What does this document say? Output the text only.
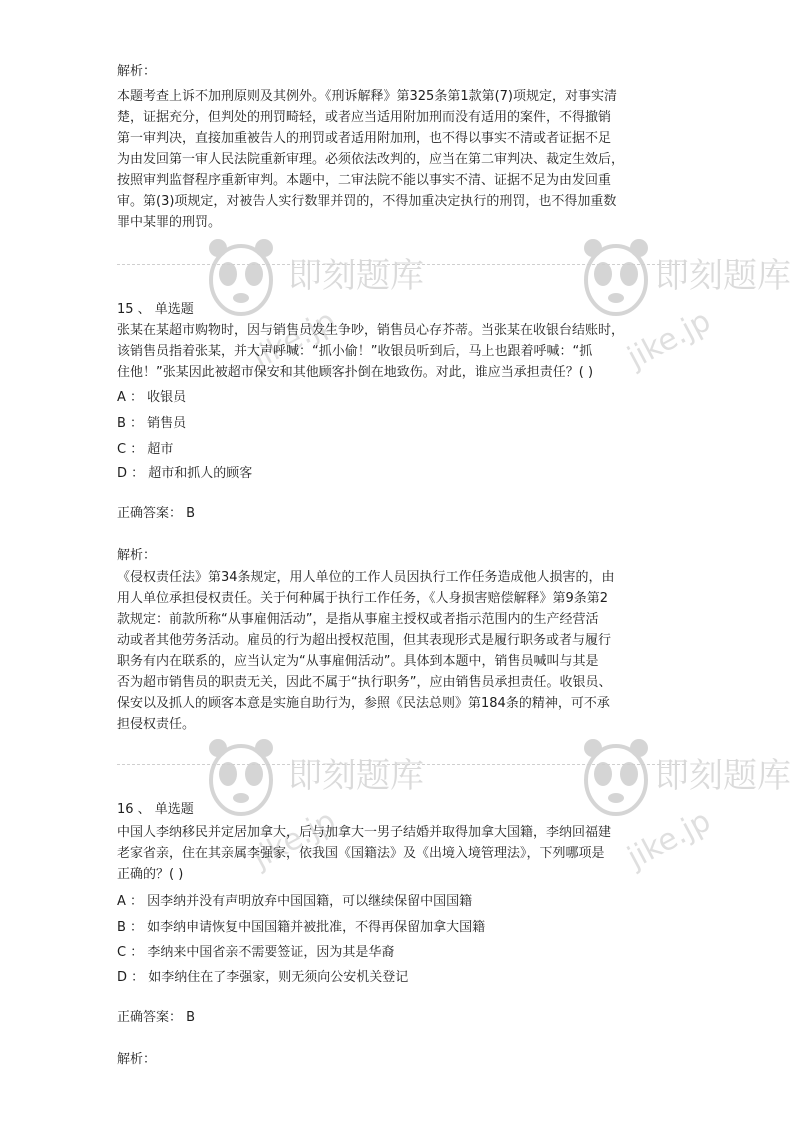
即刻题库	即刻题库
即刻题库	即刻题库
jike.jp	jike.jp
jike.jp	jike.jp
解析：
本题考查上诉不加刑原则及其例外。《刑诉解释》第325条第1款第(7)项规定，对事实清
楚，证据充分，但判处的刑罚畸轻，或者应当适用附加刑而没有适用的案件，不得撤销
第一审判决，直接加重被告人的刑罚或者适用附加刑，也不得以事实不清或者证据不足
为由发回第一审人民法院重新审理。必须依法改判的，应当在第二审判决、裁定生效后，
按照审判监督程序重新审判。本题中，二审法院不能以事实不清、证据不足为由发回重
审。第(3)项规定，对被告人实行数罪并罚的，不得加重决定执行的刑罚，也不得加重数
罪中某罪的刑罚。
15 、 单选题
张某在某超市购物时，因与销售员发生争吵，销售员心存芥蒂。当张某在收银台结账时，
该销售员指着张某，并大声呼喊：“抓小偷！”收银员听到后，马上也跟着呼喊：“抓
住他！”张某因此被超市保安和其他顾客扑倒在地致伤。对此，谁应当承担责任？( )
A ： 收银员
B ： 销售员
C ： 超市
D ： 超市和抓人的顾客
正确答案： B
解析：
《侵权责任法》第34条规定，用人单位的工作人员因执行工作任务造成他人损害的，由
用人单位承担侵权责任。关于何种属于执行工作任务，《人身损害赔偿解释》第9条第2
款规定：前款所称“从事雇佣活动”，是指从事雇主授权或者指示范围内的生产经营活
动或者其他劳务活动。雇员的行为超出授权范围，但其表现形式是履行职务或者与履行
职务有内在联系的，应当认定为“从事雇佣活动”。具体到本题中，销售员喊叫与其是
否为超市销售员的职责无关，因此不属于“执行职务”，应由销售员承担责任。收银员、
保安以及抓人的顾客本意是实施自助行为，参照《民法总则》第184条的精神，可不承
担侵权责任。
16 、 单选题
中国人李纳移民并定居加拿大，后与加拿大一男子结婚并取得加拿大国籍，李纳回福建
老家省亲，住在其亲属李强家，依我国《国籍法》及《出境入境管理法》，下列哪项是
正确的？( )
A ： 因李纳并没有声明放弃中国国籍，可以继续保留中国国籍
B ： 如李纳申请恢复中国国籍并被批准，不得再保留加拿大国籍
C ： 李纳来中国省亲不需要签证，因为其是华裔
D ： 如李纳住在了李强家，则无须向公安机关登记
正确答案： B
解析：
